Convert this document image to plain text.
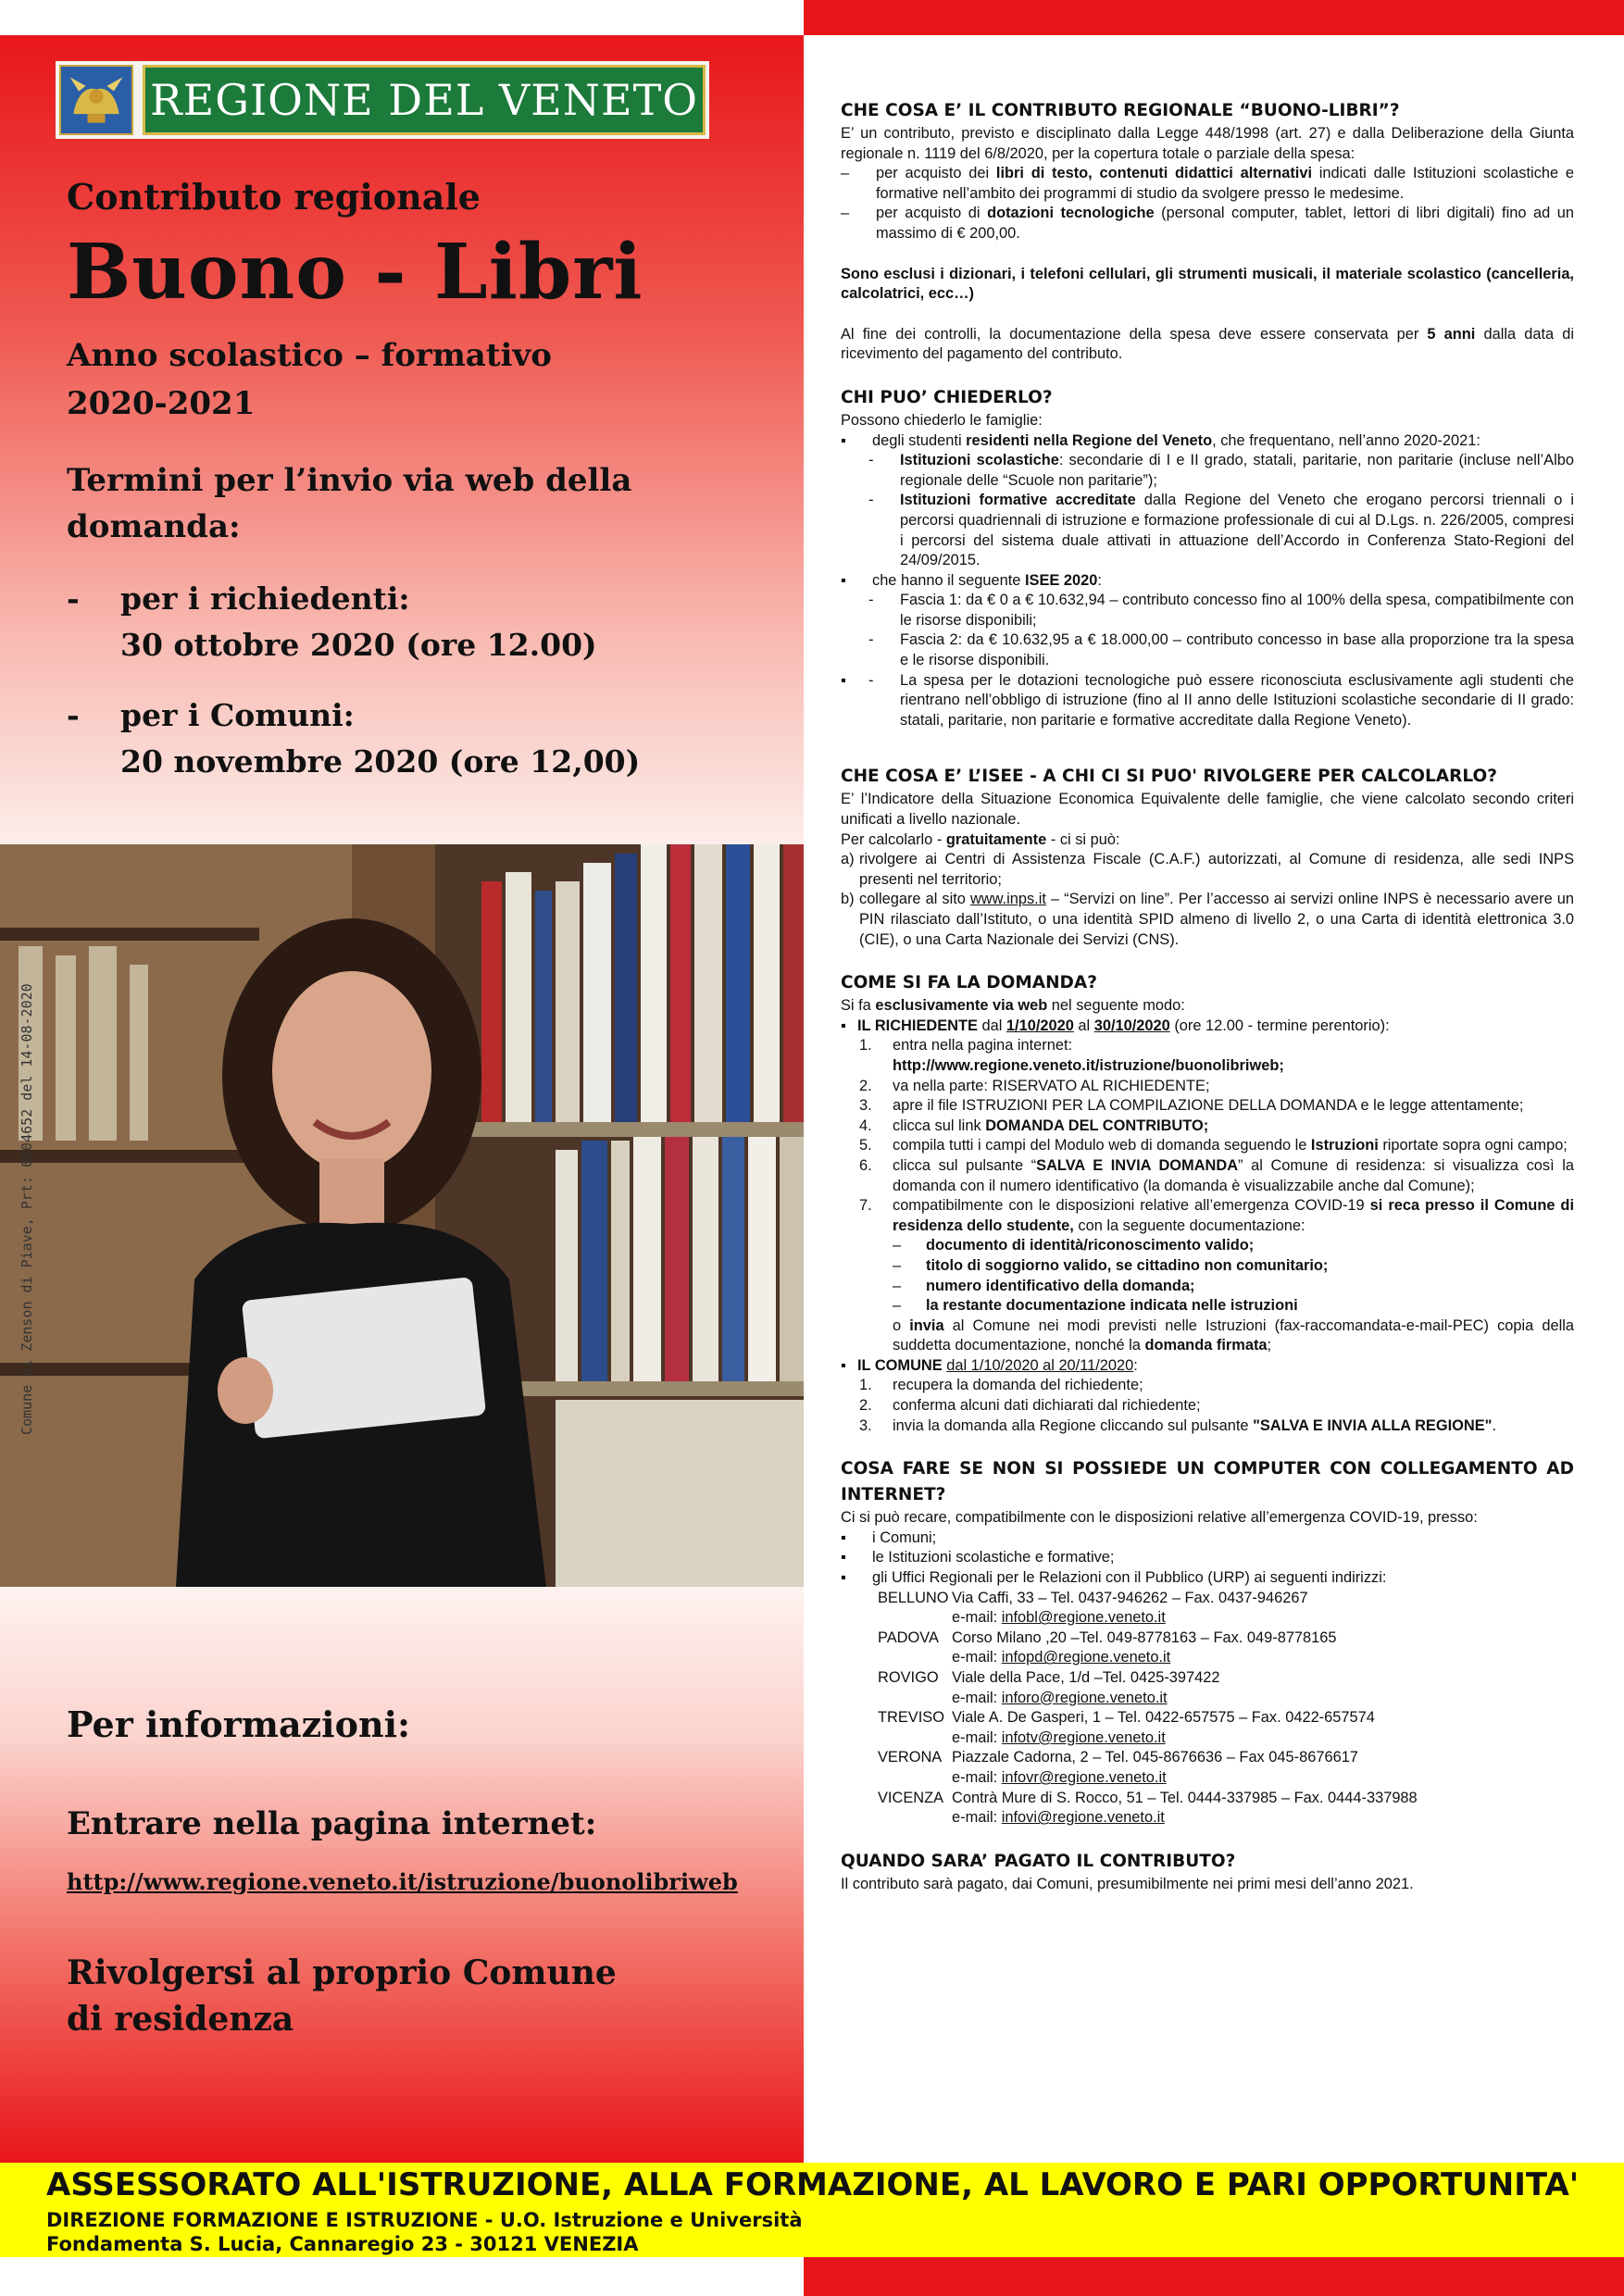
REGIONE DEL VENETO
Contributo regionale
Buono - Libri
Anno scolastico – formativo
2020-2021
Termini per l’invio via web della
domanda:
- per i richiedenti:
30 ottobre 2020 (ore 12.00)
- per i Comuni:
20 novembre 2020 (ore 12,00)
Comune di Zenson di Piave, Prt: 0004652 del 14-08-2020
Per informazioni:
Entrare nella pagina internet:
http://www.regione.veneto.it/istruzione/buonolibriweb
Rivolgersi al proprio Comune
di residenza
CHE COSA E’ IL CONTRIBUTO REGIONALE “BUONO-LIBRI”?

E’ un contributo, previsto e disciplinato dalla Legge 448/1998 (art. 27) e dalla Deliberazione della Giunta regionale n. 1119 del 6/8/2020, per la copertura totale o parziale della spesa:

– per acquisto dei libri di testo, contenuti didattici alternativi indicati dalle Istituzioni scolastiche e formative nell’ambito dei programmi di studio da svolgere presso le medesime.
– per acquisto di dotazioni tecnologiche (personal computer, tablet, lettori di libri digitali) fino ad un massimo di € 200,00.

Sono esclusi i dizionari, i telefoni cellulari, gli strumenti musicali, il materiale scolastico (cancelleria, calcolatrici, ecc…)

Al fine dei controlli, la documentazione della spesa deve essere conservata per 5 anni dalla data di ricevimento del pagamento del contributo.

CHI PUO’ CHIEDERLO?

Possono chiederlo le famiglie:

▪ degli studenti residenti nella Regione del Veneto, che frequentano, nell’anno 2020-2021:
- Istituzioni scolastiche: secondarie di I e II grado, statali, paritarie, non paritarie (incluse nell’Albo regionale delle “Scuole non paritarie”);
- Istituzioni formative accreditate dalla Regione del Veneto che erogano percorsi triennali o i percorsi quadriennali di istruzione e formazione professionale di cui al D.Lgs. n. 226/2005, compresi i percorsi del sistema duale attivati in attuazione dell’Accordo in Conferenza Stato-Regioni del 24/09/2015.
▪ che hanno il seguente ISEE 2020:
- Fascia 1: da € 0 a € 10.632,94 – contributo concesso fino al 100% della spesa, compatibilmente con le risorse disponibili;
- Fascia 2: da € 10.632,95 a € 18.000,00 – contributo concesso in base alla proporzione tra la spesa e le risorse disponibili.
▪ - La spesa per le dotazioni tecnologiche può essere riconosciuta esclusivamente agli studenti che rientrano nell’obbligo di istruzione (fino al II anno delle Istituzioni scolastiche secondarie di II grado: statali, paritarie, non paritarie e formative accreditate dalla Regione Veneto).
CHE COSA E’ L’ISEE - A CHI CI SI PUO' RIVOLGERE PER CALCOLARLO?

E’ l’Indicatore della Situazione Economica Equivalente delle famiglie, che viene calcolato secondo criteri unificati a livello nazionale.

Per calcolarlo - gratuitamente - ci si può:

a) rivolgere ai Centri di Assistenza Fiscale (C.A.F.) autorizzati, al Comune di residenza, alle sedi INPS presenti nel territorio;
b) collegare al sito www.inps.it – “Servizi on line”. Per l’accesso ai servizi online INPS è necessario avere un PIN rilasciato dall’Istituto, o una identità SPID almeno di livello 2, o una Carta di identità elettronica 3.0 (CIE), o una Carta Nazionale dei Servizi (CNS).
COME SI FA LA DOMANDA?

Si fa esclusivamente via web nel seguente modo:

▪ IL RICHIEDENTE dal 1/10/2020 al 30/10/2020 (ore 12.00 - termine perentorio):
1. entra nella pagina internet:
http://www.regione.veneto.it/istruzione/buonolibriweb;
2. va nella parte: RISERVATO AL RICHIEDENTE;
3. apre il file ISTRUZIONI PER LA COMPILAZIONE DELLA DOMANDA e le legge attentamente;
4. clicca sul link DOMANDA DEL CONTRIBUTO;
5. compila tutti i campi del Modulo web di domanda seguendo le Istruzioni riportate sopra ogni campo;
6. clicca sul pulsante “SALVA E INVIA DOMANDA” al Comune di residenza: si visualizza così la domanda con il numero identificativo (la domanda è visualizzabile anche dal Comune);
7. compatibilmente con le disposizioni relative all’emergenza COVID-19 si reca presso il Comune di residenza dello studente, con la seguente documentazione:
– documento di identità/riconoscimento valido;
– titolo di soggiorno valido, se cittadino non comunitario;
– numero identificativo della domanda;
– la restante documentazione indicata nelle istruzioni
o invia al Comune nei modi previsti nelle Istruzioni (fax-raccomandata-e-mail-PEC) copia della suddetta documentazione, nonché la domanda firmata;
▪ IL COMUNE dal 1/10/2020 al 20/11/2020:
1. recupera la domanda del richiedente;
2. conferma alcuni dati dichiarati dal richiedente;
3. invia la domanda alla Regione cliccando sul pulsante "SALVA E INVIA ALLA REGIONE".
COSA FARE SE NON SI POSSIEDE UN COMPUTER CON COLLEGAMENTO AD INTERNET?

Ci si può recare, compatibilmente con le disposizioni relative all’emergenza COVID-19, presso:

▪ i Comuni;
▪ le Istituzioni scolastiche e formative;
▪ gli Uffici Regionali per le Relazioni con il Pubblico (URP) ai seguenti indirizzi:
BELLUNO Via Caffi, 33 – Tel. 0437-946262 – Fax. 0437-946267
e-mail: infobl@regione.veneto.it
PADOVA Corso Milano ,20 –Tel. 049-8778163 – Fax. 049-8778165
e-mail: infopd@regione.veneto.it
ROVIGO Viale della Pace, 1/d –Tel. 0425-397422
e-mail: inforo@regione.veneto.it
TREVISO Viale A. De Gasperi, 1 – Tel. 0422-657575 – Fax. 0422-657574
e-mail: infotv@regione.veneto.it
VERONA Piazzale Cadorna, 2 – Tel. 045-8676636 – Fax 045-8676617
e-mail: infovr@regione.veneto.it
VICENZA Contrà Mure di S. Rocco, 51 – Tel. 0444-337985 – Fax. 0444-337988
e-mail: infovi@regione.veneto.it
QUANDO SARA’ PAGATO IL CONTRIBUTO?

Il contributo sarà pagato, dai Comuni, presumibilmente nei primi mesi dell’anno 2021.

ASSESSORATO ALL'ISTRUZIONE, ALLA FORMAZIONE, AL LAVORO E PARI OPPORTUNITA'
DIREZIONE FORMAZIONE E ISTRUZIONE - U.O. Istruzione e Università
Fondamenta S. Lucia, Cannaregio 23 - 30121 VENEZIA
